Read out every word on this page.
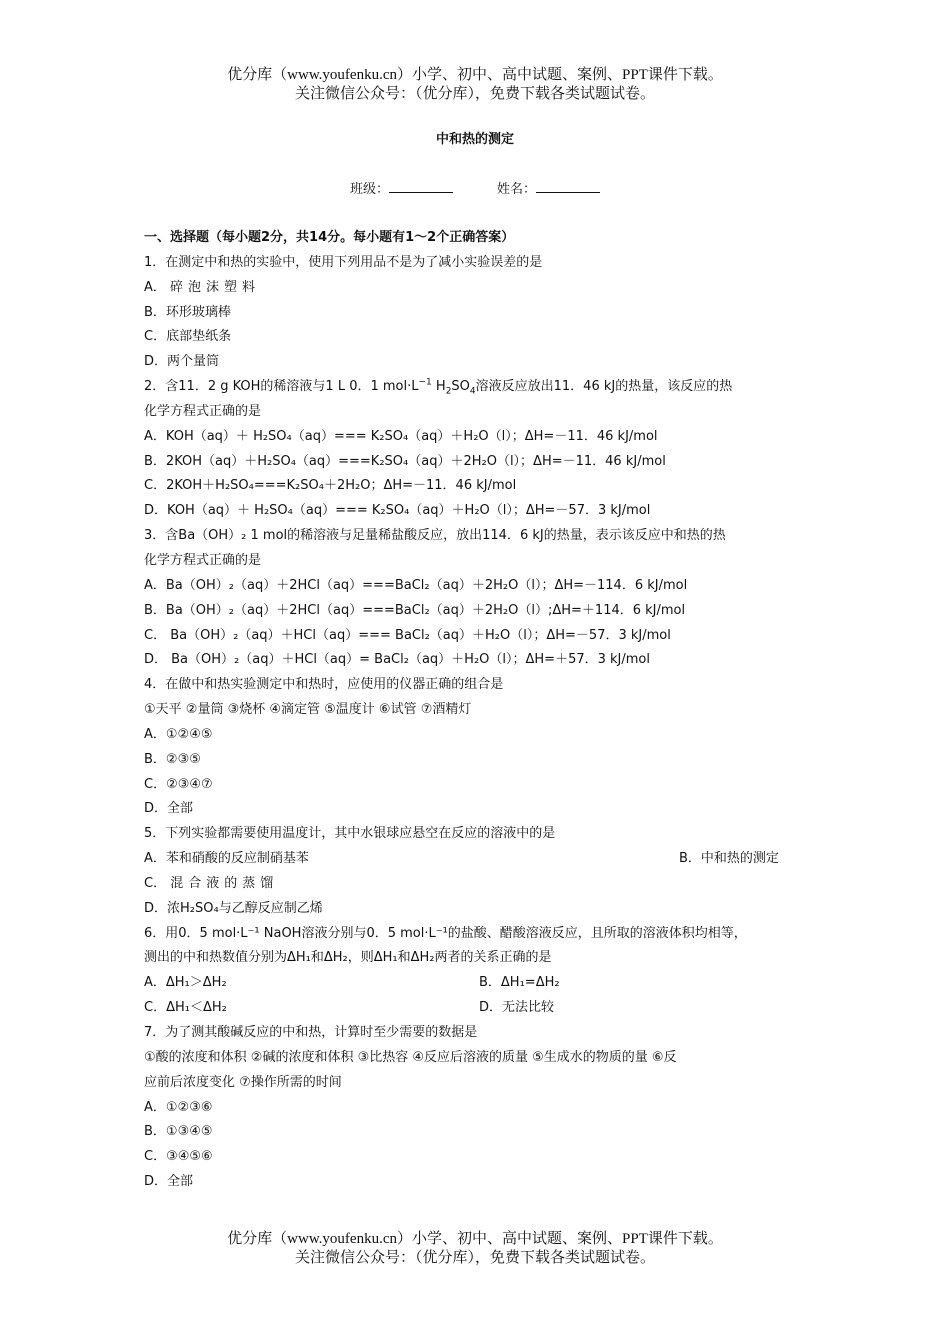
优分库（www.youfenku.cn）小学、初中、高中试题、案例、PPT课件下载。
关注微信公众号：（优分库），免费下载各类试题试卷。
中和热的测定
班级：	姓名：
一、选择题（每小题2分，共14分。每小题有1～2个正确答案）
1．在测定中和热的实验中，使用下列用品不是为了减小实验误差的是
A． 碎泡沫塑料
B．环形玻璃棒
C．底部垫纸条
D．两个量筒
2．含11．2 g KOH的稀溶液与1 L 0．1 $mol\cdot L^{-1}$ $H_2SO_4$溶液反应放出11．46 kJ的热量，该反应的热
化学方程式正确的是
A．KOH（aq）＋ H₂SO₄（aq）=== K₂SO₄（aq）＋H₂O（l）；ΔH=－11．46 kJ/mol
B．2KOH（aq）＋H₂SO₄（aq）===K₂SO₄（aq）＋2H₂O（l）；ΔH=－11．46 kJ/mol
C．2KOH＋H₂SO₄===K₂SO₄＋2H₂O；ΔH=－11．46 kJ/mol
D．KOH（aq）＋ H₂SO₄（aq）=== K₂SO₄（aq）＋H₂O（l）；ΔH=－57．3 kJ/mol
3．含Ba（OH）₂ 1 mol的稀溶液与足量稀盐酸反应，放出114．6 kJ的热量，表示该反应中和热的热
化学方程式正确的是
A．Ba（OH）₂（aq）＋2HCl（aq）===BaCl₂（aq）＋2H₂O（l）；ΔH=－114．6 kJ/mol
B．Ba（OH）₂（aq）＋2HCl（aq）===BaCl₂（aq）＋2H₂O（l）;ΔH=＋114．6 kJ/mol
C． Ba（OH）₂（aq）＋HCl（aq）=== BaCl₂（aq）＋H₂O（l）；ΔH=－57．3 kJ/mol
D． Ba（OH）₂（aq）＋HCl（aq）= BaCl₂（aq）＋H₂O（l）；ΔH=＋57．3 kJ/mol
4．在做中和热实验测定中和热时，应使用的仪器正确的组合是
①天平 ②量筒 ③烧杯 ④滴定管 ⑤温度计 ⑥试管 ⑦酒精灯
A．①②④⑤
B．②③⑤
C．②③④⑦
D．全部
5．下列实验都需要使用温度计，其中水银球应悬空在反应的溶液中的是
A．苯和硝酸的反应制硝基苯	B．中和热的测定
C． 混合液的蒸馏
D．浓H₂SO₄与乙醇反应制乙烯
6．用0．5 mol·L⁻¹ NaOH溶液分别与0．5 mol·L⁻¹的盐酸、醋酸溶液反应，且所取的溶液体积均相等，
测出的中和热数值分别为ΔH₁和ΔH₂，则ΔH₁和ΔH₂两者的关系正确的是
A．ΔH₁＞ΔH₂	B．ΔH₁=ΔH₂
C．ΔH₁＜ΔH₂	D．无法比较
7．为了测其酸碱反应的中和热，计算时至少需要的数据是
①酸的浓度和体积 ②碱的浓度和体积 ③比热容 ④反应后溶液的质量 ⑤生成水的物质的量 ⑥反
应前后浓度变化 ⑦操作所需的时间
A．①②③⑥
B．①③④⑤
C．③④⑤⑥
D．全部
优分库（www.youfenku.cn）小学、初中、高中试题、案例、PPT课件下载。
关注微信公众号：（优分库），免费下载各类试题试卷。
